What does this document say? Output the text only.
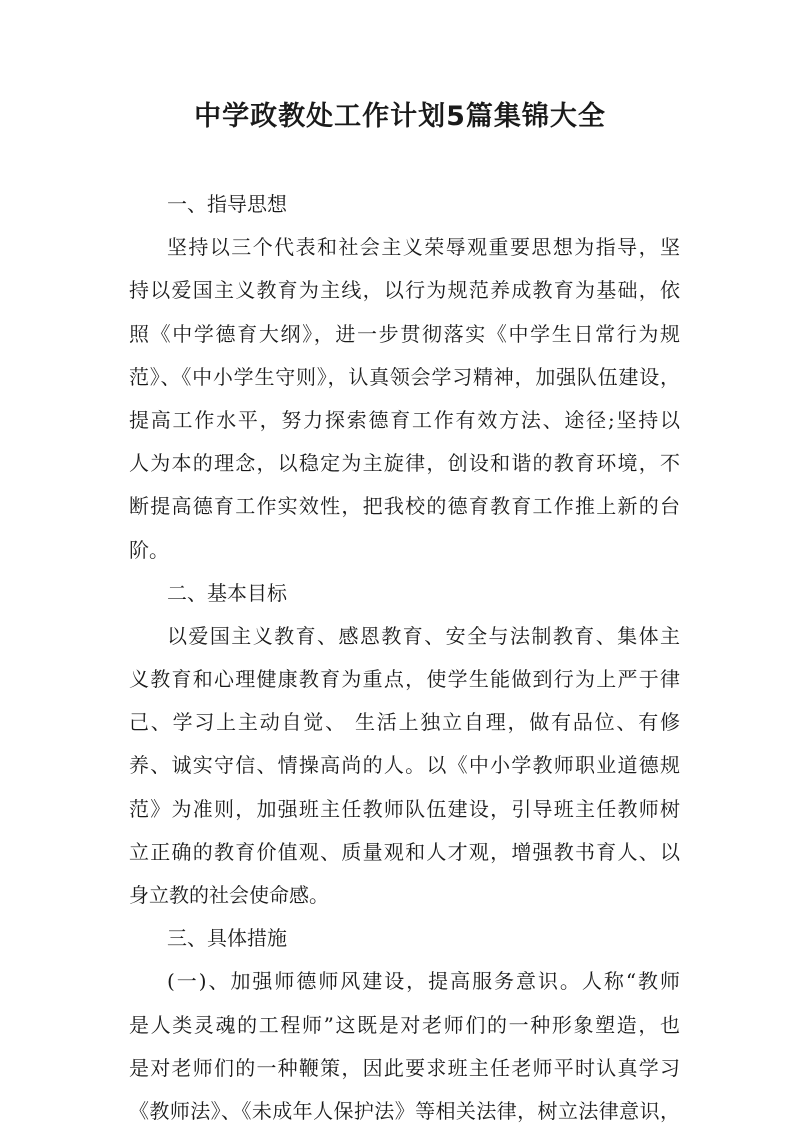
中学政教处工作计划5篇集锦大全

一、指导思想

坚持以三个代表和社会主义荣辱观重要思想为指导，坚

持以爱国主义教育为主线，以行为规范养成教育为基础，依

照《中学德育大纲》，进一步贯彻落实《中学生日常行为规

范》、《中小学生守则》，认真领会学习精神，加强队伍建设，

提高工作水平，努力探索德育工作有效方法、途径;坚持以

人为本的理念，以稳定为主旋律，创设和谐的教育环境，不

断提高德育工作实效性，把我校的德育教育工作推上新的台

阶。

二、基本目标

以爱国主义教育、感恩教育、安全与法制教育、集体主

义教育和心理健康教育为重点，使学生能做到行为上严于律

己、学习上主动自觉、 生活上独立自理，做有品位、有修

养、诚实守信、情操高尚的人。以《中小学教师职业道德规

范》为准则，加强班主任教师队伍建设，引导班主任教师树

立正确的教育价值观、质量观和人才观，增强教书育人、以

身立教的社会使命感。

三、具体措施

(一)、加强师德师风建设，提高服务意识。人称“教师

是人类灵魂的工程师”这既是对老师们的一种形象塑造，也

是对老师们的一种鞭策，因此要求班主任老师平时认真学习

《教师法》、《未成年人保护法》等相关法律，树立法律意识，
